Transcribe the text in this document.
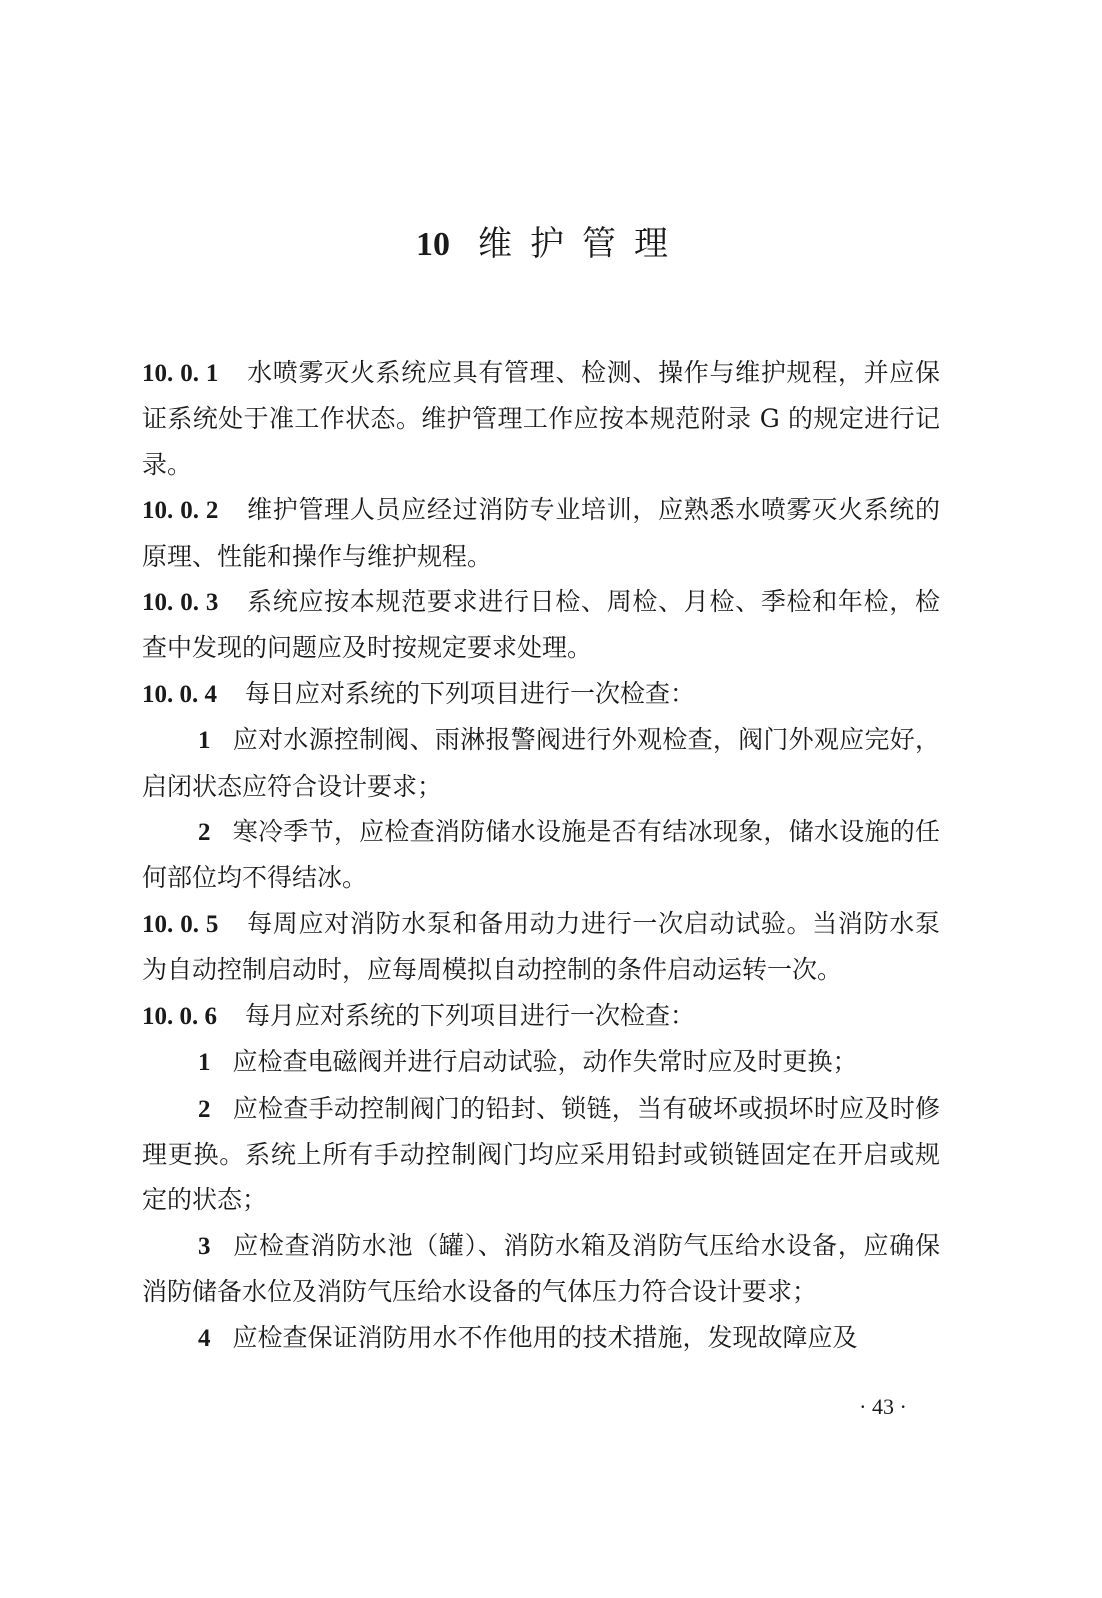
10 维护管理

10. 0. 1 水喷雾灭火系统应具有管理、检测、操作与维护规程，并应保证系统处于准工作状态。维护管理工作应按本规范附录 G 的规定进行记录。

10. 0. 2 维护管理人员应经过消防专业培训，应熟悉水喷雾灭火系统的原理、性能和操作与维护规程。

10. 0. 3 系统应按本规范要求进行日检、周检、月检、季检和年检，检查中发现的问题应及时按规定要求处理。

10. 0. 4 每日应对系统的下列项目进行一次检查：

1 应对水源控制阀、雨淋报警阀进行外观检查，阀门外观应完好，启闭状态应符合设计要求；

2 寒冷季节，应检查消防储水设施是否有结冰现象，储水设施的任何部位均不得结冰。

10. 0. 5 每周应对消防水泵和备用动力进行一次启动试验。当消防水泵为自动控制启动时，应每周模拟自动控制的条件启动运转一次。

10. 0. 6 每月应对系统的下列项目进行一次检查：

1 应检查电磁阀并进行启动试验，动作失常时应及时更换；

2 应检查手动控制阀门的铅封、锁链，当有破坏或损坏时应及时修理更换。系统上所有手动控制阀门均应采用铅封或锁链固定在开启或规定的状态；

3 应检查消防水池（罐）、消防水箱及消防气压给水设备，应确保消防储备水位及消防气压给水设备的气体压力符合设计要求；

4 应检查保证消防用水不作他用的技术措施，发现故障应及

· 43 ·
